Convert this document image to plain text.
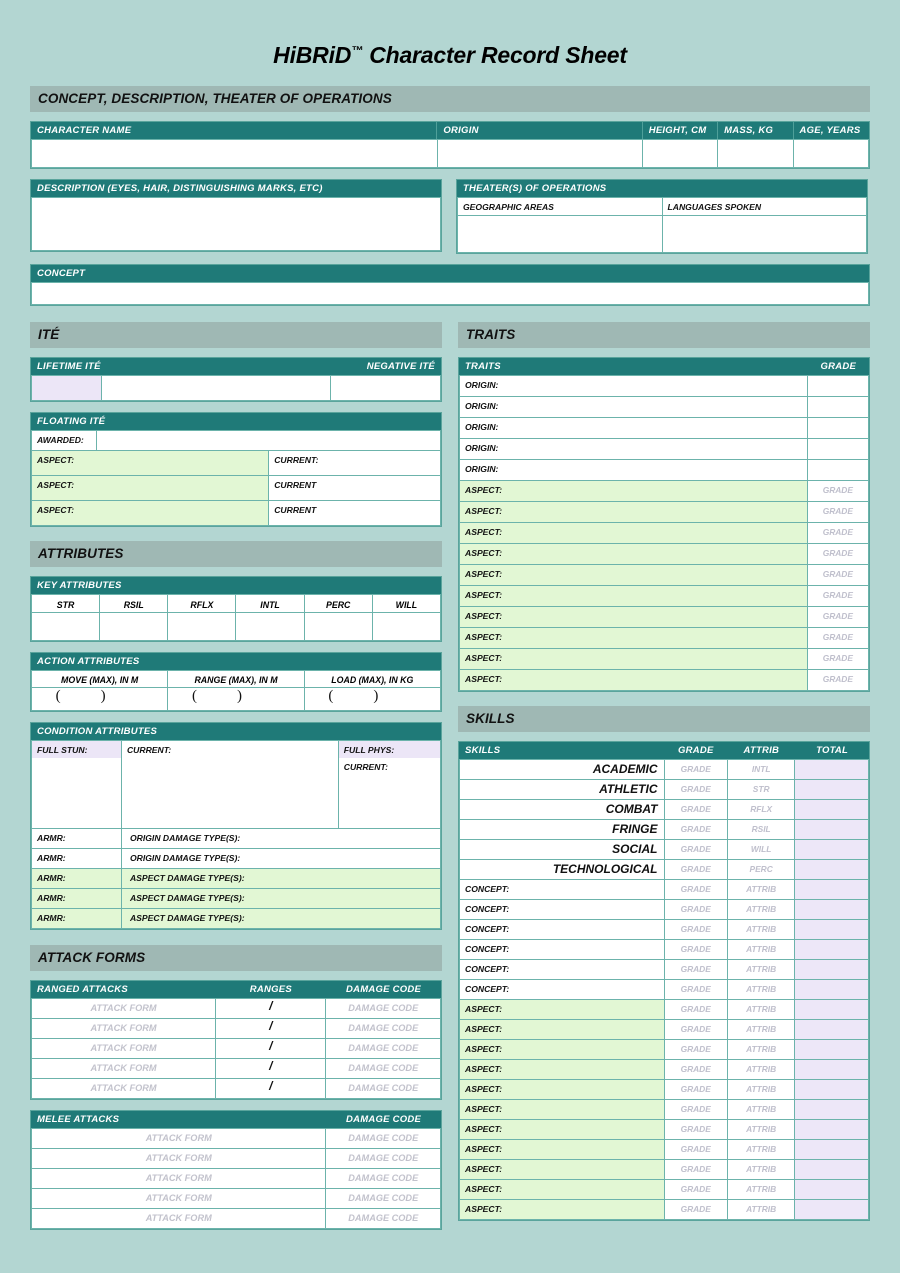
HiBRiD™ Character Record Sheet
CONCEPT, DESCRIPTION, THEATER OF OPERATIONS
CHARACTER NAME	ORIGIN	HEIGHT, CM	MASS, KG	AGE, YEARS

DESCRIPTION (EYES, HAIR, DISTINGUISHING MARKS, ETC)	THEATER(S) OF OPERATIONS
GEOGRAPHIC AREAS	LANGUAGES SPOKEN

CONCEPT
ITÉ
LIFETIME ITÉ	NEGATIVE ITÉ

FLOATING ITÉ
AWARDED:		

ASPECT:		CURRENT:

ASPECT:		CURRENT

ASPECT:		CURRENT
ATTRIBUTES
KEY ATTRIBUTES
STR	RSIL	RFLX	INTL	PERC	WILL

ACTION ATTRIBUTES
MOVE (MAX), IN M	RANGE (MAX), IN M	LOAD (MAX), IN KG
()	()	()
CONDITION ATTRIBUTES
FULL STUN:	CURRENT:	FULL PHYS:

		CURRENT:

ARMR:	ORIGIN DAMAGE TYPE(S):	

ARMR:	ORIGIN DAMAGE TYPE(S):	

ARMR:	ASPECT DAMAGE TYPE(S):	

ARMR:	ASPECT DAMAGE TYPE(S):	

ARMR:	ASPECT DAMAGE TYPE(S):	
ATTACK FORMS
RANGED ATTACKS	RANGES	DAMAGE CODE
ATTACK FORM	/	DAMAGE CODE
ATTACK FORM	/	DAMAGE CODE
ATTACK FORM	/	DAMAGE CODE
ATTACK FORM	/	DAMAGE CODE
ATTACK FORM	/	DAMAGE CODE
MELEE ATTACKS	DAMAGE CODE
ATTACK FORM	DAMAGE CODE
ATTACK FORM	DAMAGE CODE
ATTACK FORM	DAMAGE CODE
ATTACK FORM	DAMAGE CODE
ATTACK FORM	DAMAGE CODE
TRAITS
TRAITS	GRADE
ORIGIN:	

ORIGIN:	

ORIGIN:	

ORIGIN:	

ORIGIN:	

ASPECT:	GRADE

ASPECT:	GRADE

ASPECT:	GRADE

ASPECT:	GRADE

ASPECT:	GRADE

ASPECT:	GRADE

ASPECT:	GRADE

ASPECT:	GRADE

ASPECT:	GRADE

ASPECT:	GRADE
SKILLS
SKILLS	GRADE	ATTRIB	TOTAL
ACADEMIC	GRADE	INTL	

ATHLETIC	GRADE	STR	

COMBAT	GRADE	RFLX	

FRINGE	GRADE	RSIL	

SOCIAL	GRADE	WILL	

TECHNOLOGICAL	GRADE	PERC	

CONCEPT:	GRADE	ATTRIB	

CONCEPT:	GRADE	ATTRIB	

CONCEPT:	GRADE	ATTRIB	

CONCEPT:	GRADE	ATTRIB	

CONCEPT:	GRADE	ATTRIB	

CONCEPT:	GRADE	ATTRIB	

ASPECT:	GRADE	ATTRIB	

ASPECT:	GRADE	ATTRIB	

ASPECT:	GRADE	ATTRIB	

ASPECT:	GRADE	ATTRIB	

ASPECT:	GRADE	ATTRIB	

ASPECT:	GRADE	ATTRIB	

ASPECT:	GRADE	ATTRIB	

ASPECT:	GRADE	ATTRIB	

ASPECT:	GRADE	ATTRIB	

ASPECT:	GRADE	ATTRIB	

ASPECT:	GRADE	ATTRIB	
